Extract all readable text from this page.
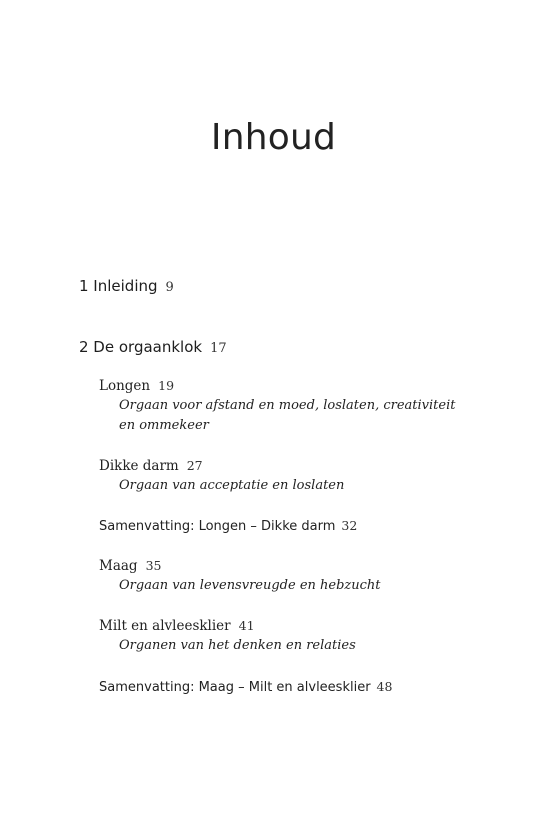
Inhoud
1 Inleiding 9
2 De orgaanklok 17
Longen 19
Orgaan voor afstand en moed, loslaten, creativiteit
en ommekeer
Dikke darm 27
Orgaan van acceptatie en loslaten
Samenvatting: Longen – Dikke darm 32
Maag 35
Orgaan van levensvreugde en hebzucht
Milt en alvleesklier 41
Organen van het denken en relaties
Samenvatting: Maag – Milt en alvleesklier 48
